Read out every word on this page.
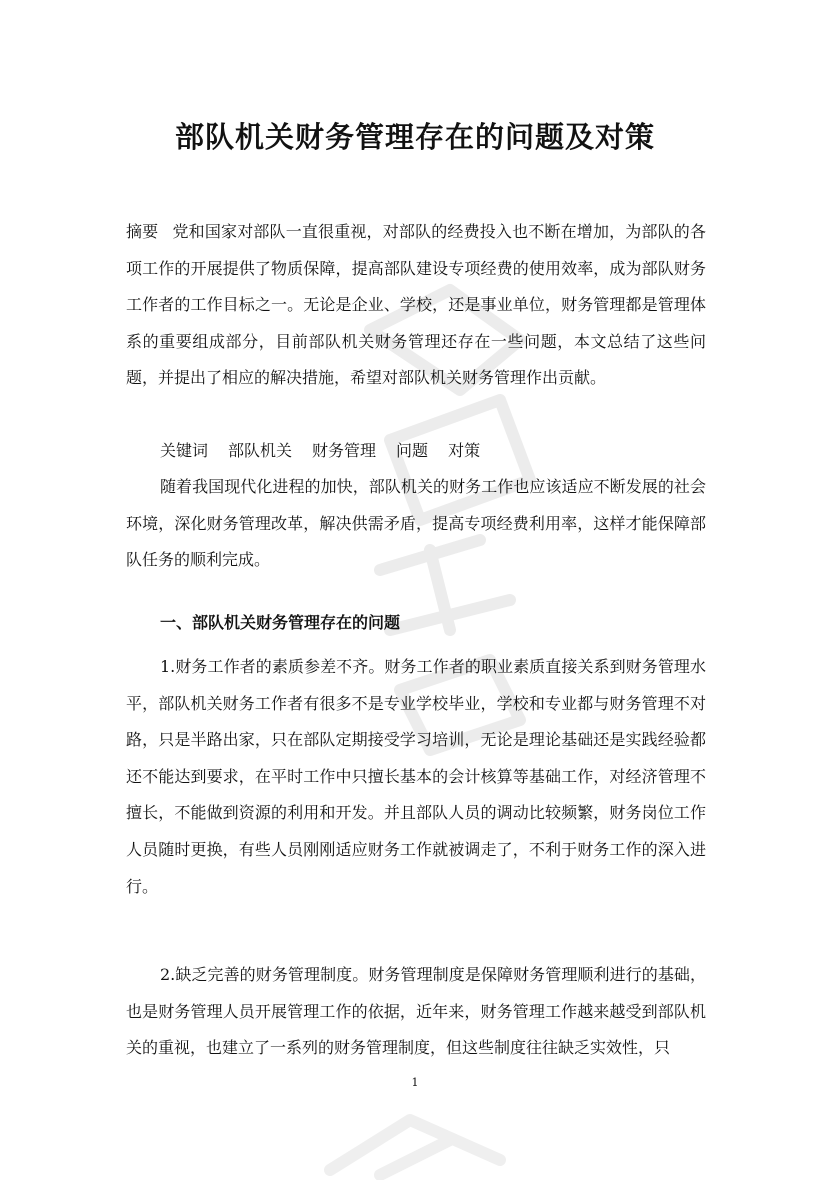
部队机关财务管理存在的问题及对策

摘要 党和国家对部队一直很重视，对部队的经费投入也不断在增加，为部队的各项工作的开展提供了物质保障，提高部队建设专项经费的使用效率，成为部队财务工作者的工作目标之一。无论是企业、学校，还是事业单位，财务管理都是管理体系的重要组成部分，目前部队机关财务管理还存在一些问题，本文总结了这些问题，并提出了相应的解决措施，希望对部队机关财务管理作出贡献。

关键词 部队机关 财务管理 问题 对策

随着我国现代化进程的加快，部队机关的财务工作也应该适应不断发展的社会环境，深化财务管理改革，解决供需矛盾，提高专项经费利用率，这样才能保障部队任务的顺利完成。

一、部队机关财务管理存在的问题

1.财务工作者的素质参差不齐。财务工作者的职业素质直接关系到财务管理水平，部队机关财务工作者有很多不是专业学校毕业，学校和专业都与财务管理不对路，只是半路出家，只在部队定期接受学习培训，无论是理论基础还是实践经验都还不能达到要求，在平时工作中只擅长基本的会计核算等基础工作，对经济管理不擅长，不能做到资源的利用和开发。并且部队人员的调动比较频繁，财务岗位工作人员随时更换，有些人员刚刚适应财务工作就被调走了，不利于财务工作的深入进行。

2.缺乏完善的财务管理制度。财务管理制度是保障财务管理顺利进行的基础，也是财务管理人员开展管理工作的依据，近年来，财务管理工作越来越受到部队机关的重视，也建立了一系列的财务管理制度，但这些制度往往缺乏实效性，只

1
